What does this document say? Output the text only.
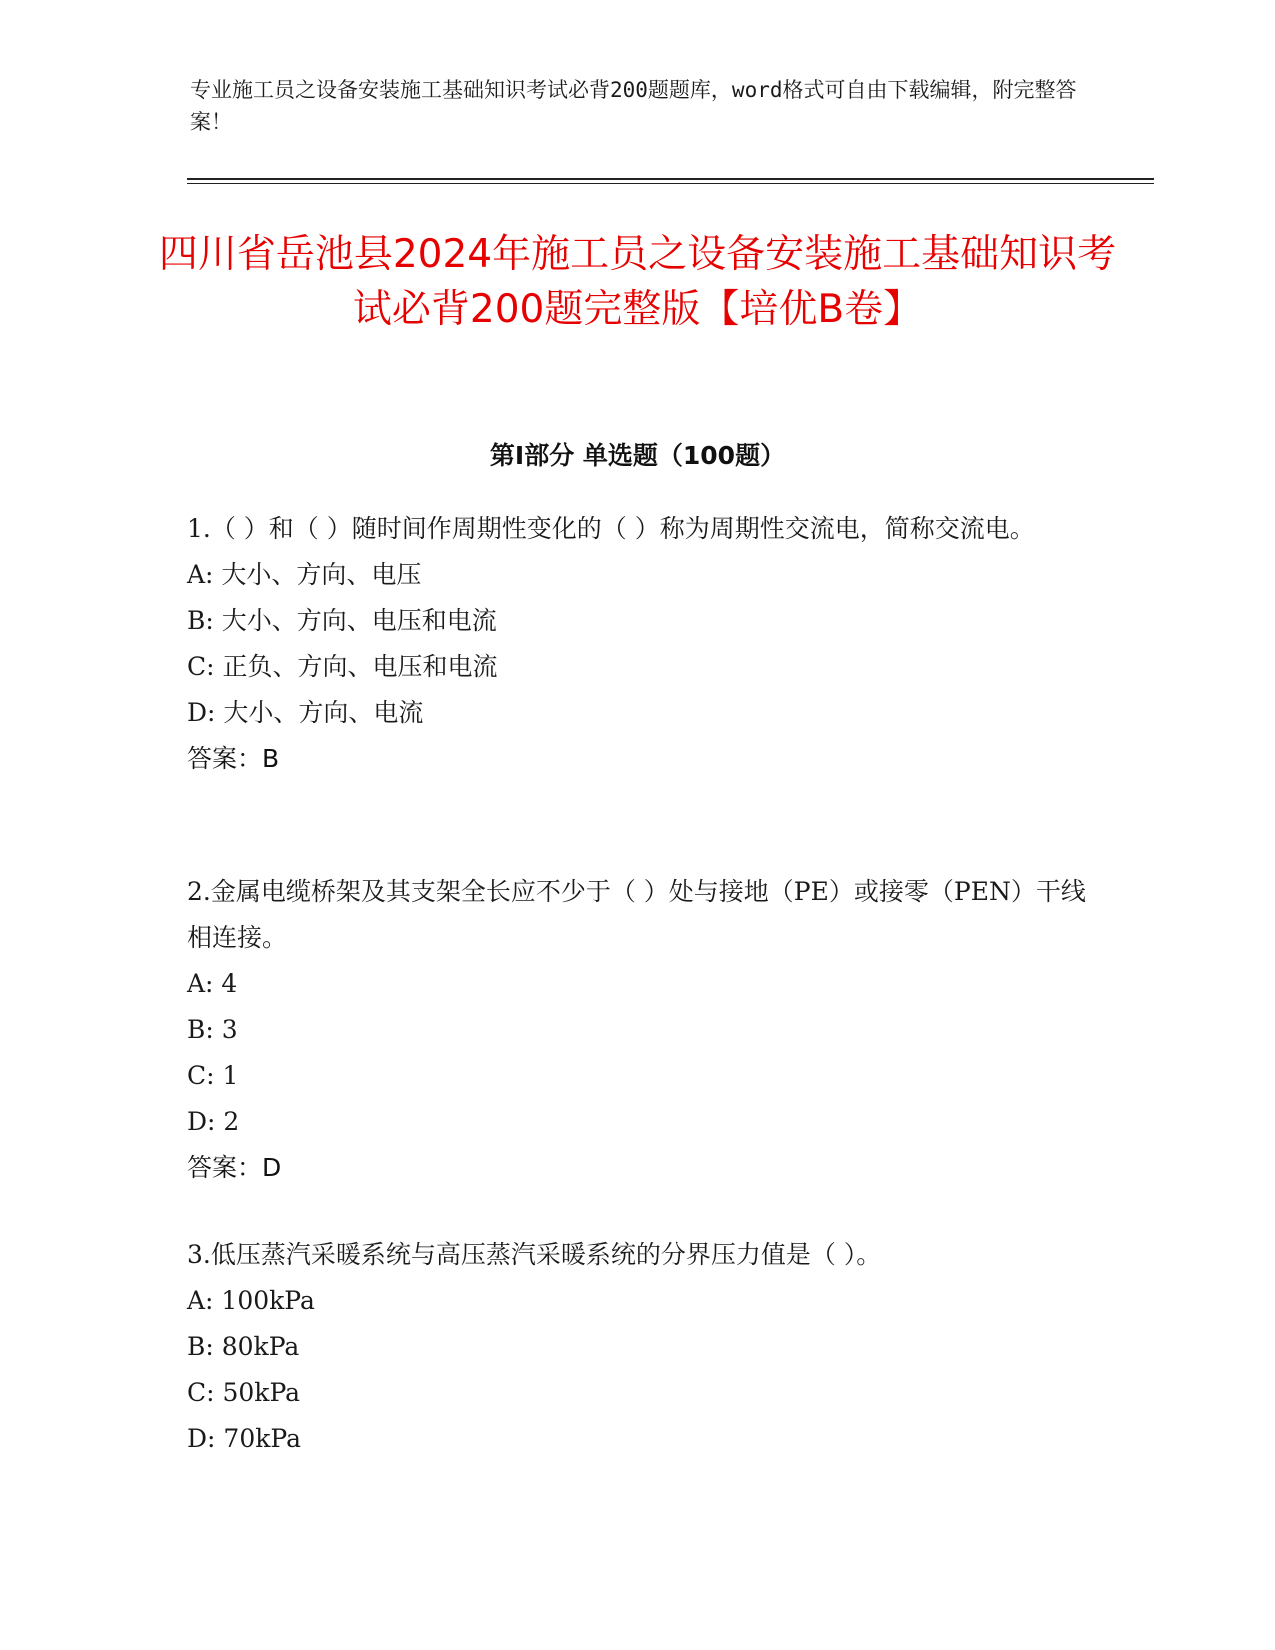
专业施工员之设备安装施工基础知识考试必背200题题库，word格式可自由下载编辑，附完整答案！
四川省岳池县2024年施工员之设备安装施工基础知识考试必背200题完整版【培优B卷】
第Ⅰ部分 单选题（100题）

1.（ ）和（ ）随时间作周期性变化的（ ）称为周期性交流电，简称交流电。

A: 大小、方向、电压

B: 大小、方向、电压和电流

C: 正负、方向、电压和电流

D: 大小、方向、电流

答案：B

2.金属电缆桥架及其支架全长应不少于（ ）处与接地（PE）或接零（PEN）干线相连接。

A: 4

B: 3

C: 1

D: 2

答案：D

3.低压蒸汽采暖系统与高压蒸汽采暖系统的分界压力值是（ ）。

A: 100kPa

B: 80kPa

C: 50kPa

D: 70kPa
